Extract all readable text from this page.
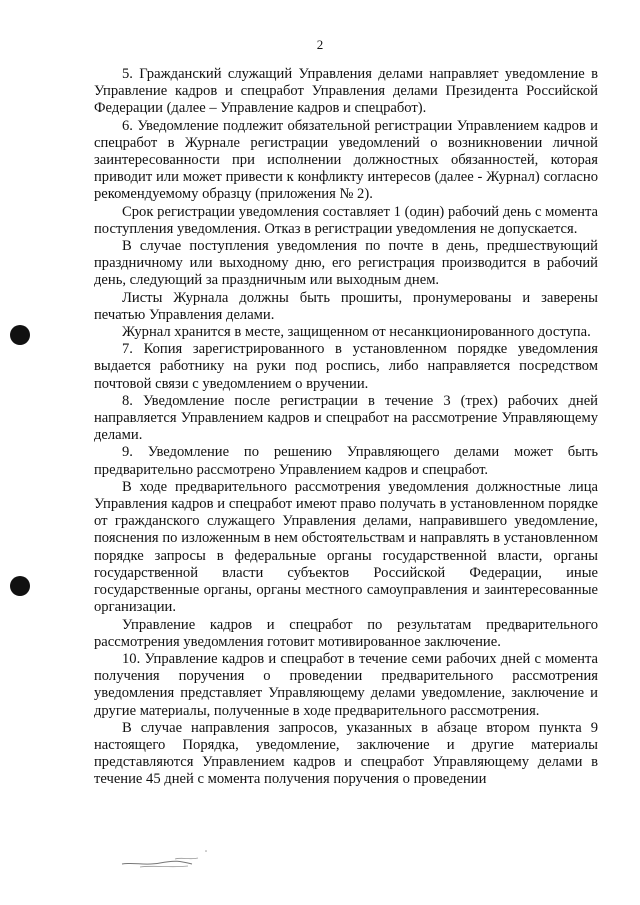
2

5. Гражданский служащий Управления делами направляет уведомление в Управление кадров и спецработ Управления делами Президента Российской Федерации (далее – Управление кадров и спецработ).

6. Уведомление подлежит обязательной регистрации Управлением кадров и спецработ в Журнале регистрации уведомлений о возникновении личной заинтересованности при исполнении должностных обязанностей, которая приводит или может привести к конфликту интересов (далее - Журнал) согласно рекомендуемому образцу (приложения № 2).

Срок регистрации уведомления составляет 1 (один) рабочий день с момента поступления уведомления. Отказ в регистрации уведомления не допускается.

В случае поступления уведомления по почте в день, предшествующий праздничному или выходному дню, его регистрация производится в рабочий день, следующий за праздничным или выходным днем.

Листы Журнала должны быть прошиты, пронумерованы и заверены печатью Управления делами.

Журнал хранится в месте, защищенном от несанкционированного доступа.

7. Копия зарегистрированного в установленном порядке уведомления выдается работнику на руки под роспись, либо направляется посредством почтовой связи с уведомлением о вручении.

8. Уведомление после регистрации в течение 3 (трех) рабочих дней направляется Управлением кадров и спецработ на рассмотрение Управляющему делами.

9. Уведомление по решению Управляющего делами может быть предварительно рассмотрено Управлением кадров и спецработ.

В ходе предварительного рассмотрения уведомления должностные лица Управления кадров и спецработ имеют право получать в установленном порядке от гражданского служащего Управления делами, направившего уведомление, пояснения по изложенным в нем обстоятельствам и направлять в установленном порядке запросы в федеральные органы государственной власти, органы государственной власти субъектов Российской Федерации, иные государственные органы, органы местного самоуправления и заинтересованные организации.

Управление кадров и спецработ по результатам предварительного рассмотрения уведомления готовит мотивированное заключение.

10. Управление кадров и спецработ в течение семи рабочих дней с момента получения поручения о проведении предварительного рассмотрения уведомления представляет Управляющему делами уведомление, заключение и другие материалы, полученные в ходе предварительного рассмотрения.

В случае направления запросов, указанных в абзаце втором пункта 9 настоящего Порядка, уведомление, заключение и другие материалы представляются Управлением кадров и спецработ Управляющему делами в течение 45 дней с момента получения поручения о проведении
